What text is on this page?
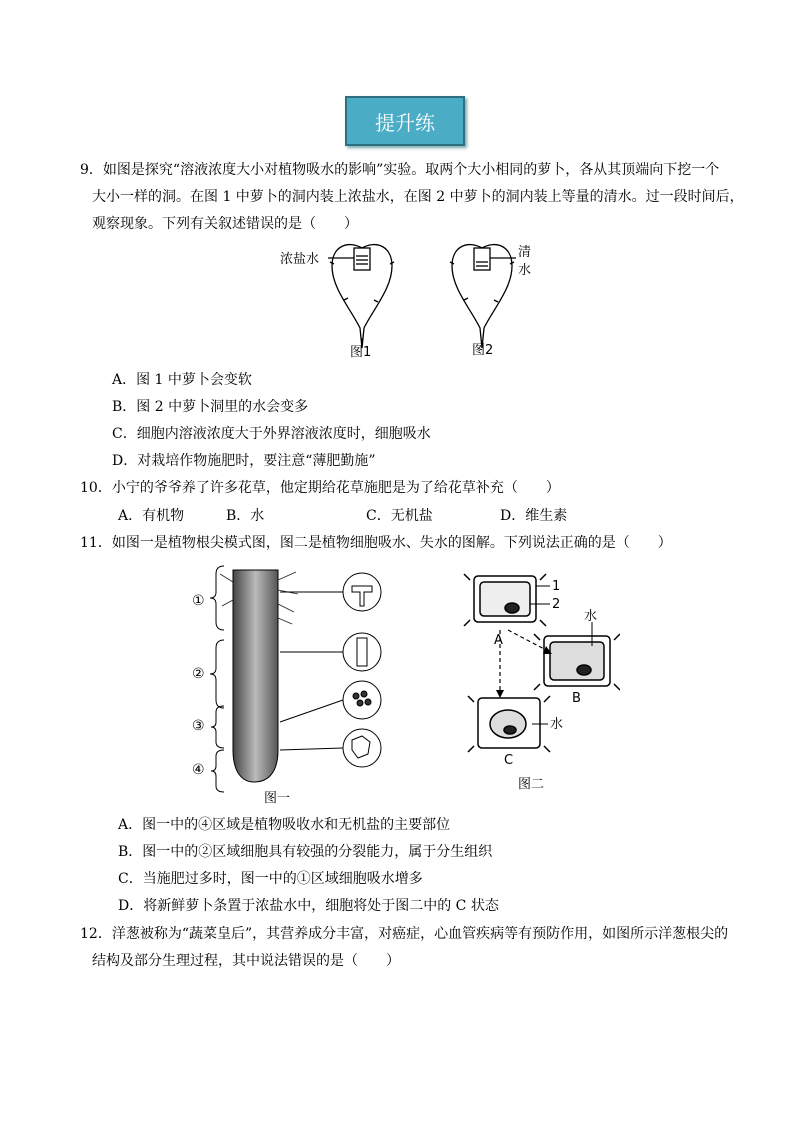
提升练
9．如图是探究“溶液浓度大小对植物吸水的影响”实验。取两个大小相同的萝卜，各从其顶端向下挖一个
大小一样的洞。在图 1 中萝卜的洞内装上浓盐水，在图 2 中萝卜的洞内装上等量的清水。过一段时间后，
观察现象。下列有关叙述错误的是（　　）
浓盐水
图1
清
水
图2
A．图 1 中萝卜会变软
B．图 2 中萝卜洞里的水会变多
C．细胞内溶液浓度大于外界溶液浓度时，细胞吸水
D．对栽培作物施肥时，要注意“薄肥勤施”
10．小宁的爷爷养了许多花草，他定期给花草施肥是为了给花草补充（　　）
A．有机物	B．水	C．无机盐	D．维生素
11．如图一是植物根尖模式图，图二是植物细胞吸水、失水的图解。下列说法正确的是（　　）
①
②
③
④
图一
1
2
A
水
B
水
C
图二
A．图一中的④区域是植物吸收水和无机盐的主要部位
B．图一中的②区域细胞具有较强的分裂能力，属于分生组织
C．当施肥过多时，图一中的①区域细胞吸水增多
D．将新鲜萝卜条置于浓盐水中，细胞将处于图二中的 C 状态
12．洋葱被称为“蔬菜皇后”，其营养成分丰富，对癌症，心血管疾病等有预防作用，如图所示洋葱根尖的
结构及部分生理过程，其中说法错误的是（　　）
